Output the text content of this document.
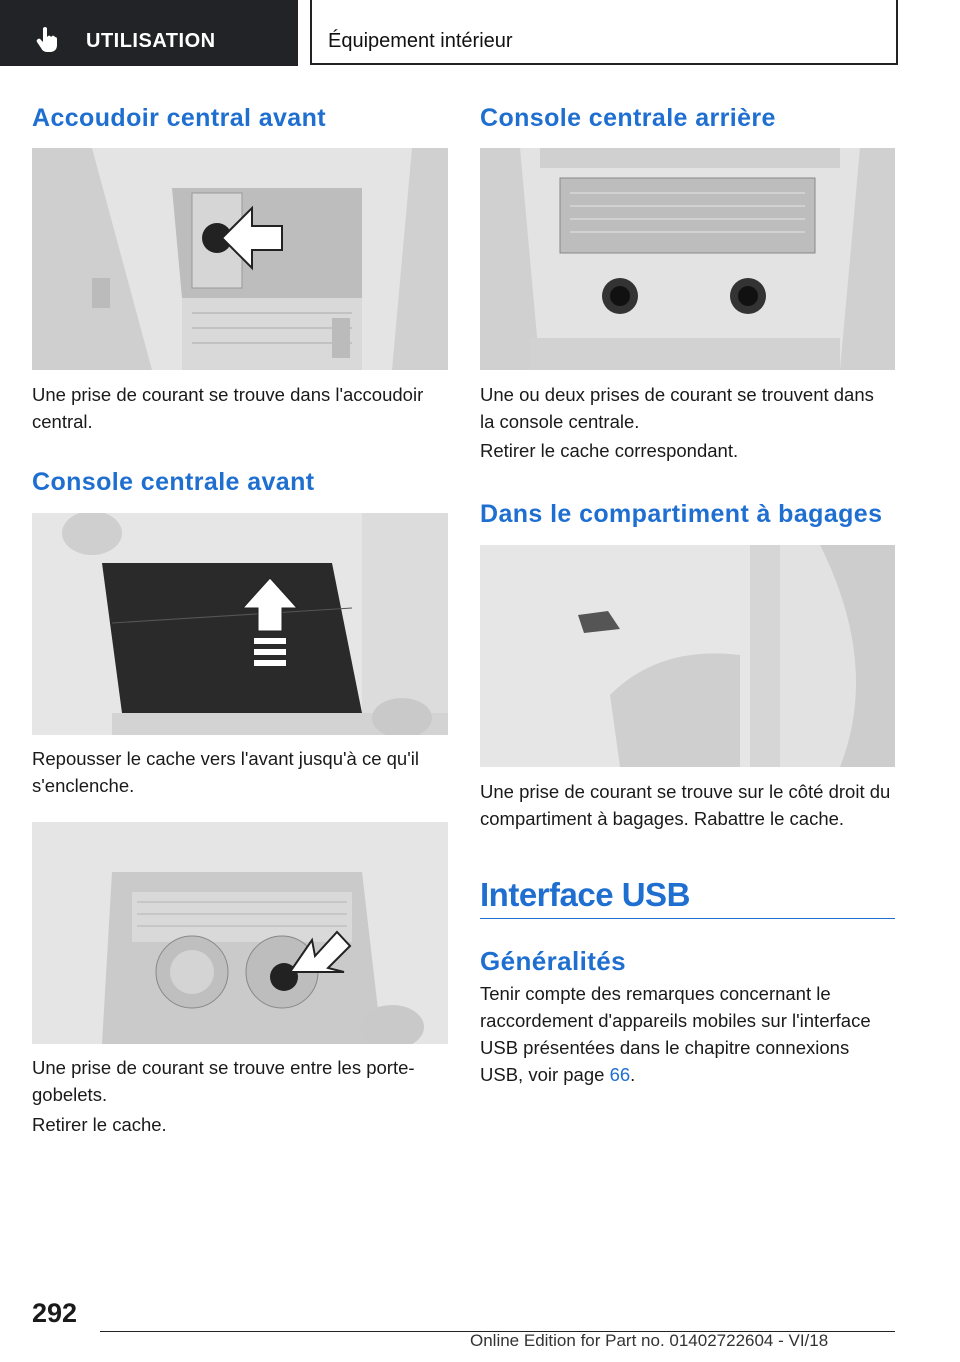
UTILISATION	Équipement intérieur
Accoudoir central avant

Une prise de courant se trouve dans l'accoudoir central.

Console centrale avant

Repousser le cache vers l'avant jusqu'à ce qu'il s'enclenche.

Une prise de courant se trouve entre les porte-gobelets.

Retirer le cache.

Console centrale arrière

Une ou deux prises de courant se trouvent dans la console centrale.

Retirer le cache correspondant.

Dans le compartiment à bagages

Une prise de courant se trouve sur le côté droit du compartiment à bagages. Rabattre le cache.

Interface USB
Généralités

Tenir compte des remarques concernant le raccordement d'appareils mobiles sur l'interface USB présentées dans le chapitre connexions USB, voir page 66.

292
Online Edition for Part no. 01402722604 - VI/18
